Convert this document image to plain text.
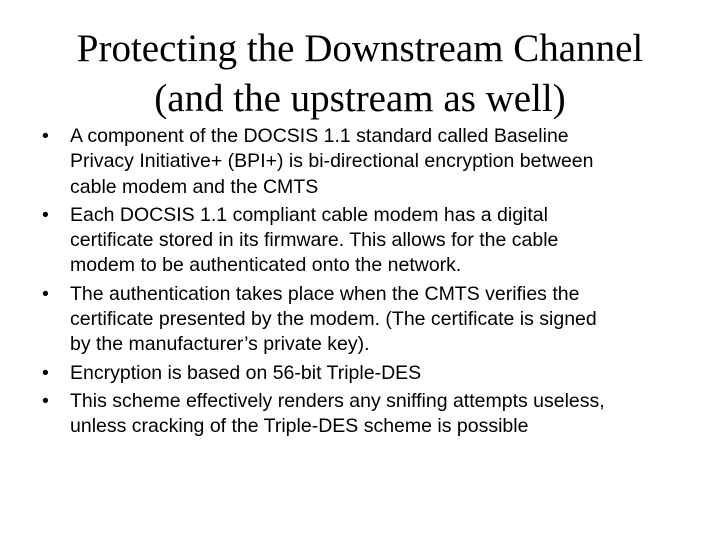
Protecting the Downstream Channel
(and the upstream as well)
•	A component of the DOCSIS 1.1 standard called Baseline
Privacy Initiative+ (BPI+) is bi-directional encryption between
cable modem and the CMTS
•	Each DOCSIS 1.1 compliant cable modem has a digital
certificate stored in its firmware. This allows for the cable
modem to be authenticated onto the network.
•	The authentication takes place when the CMTS verifies the
certificate presented by the modem. (The certificate is signed
by the manufacturer’s private key).
•	Encryption is based on 56-bit Triple-DES
•	This scheme effectively renders any sniffing attempts useless,
unless cracking of the Triple-DES scheme is possible
